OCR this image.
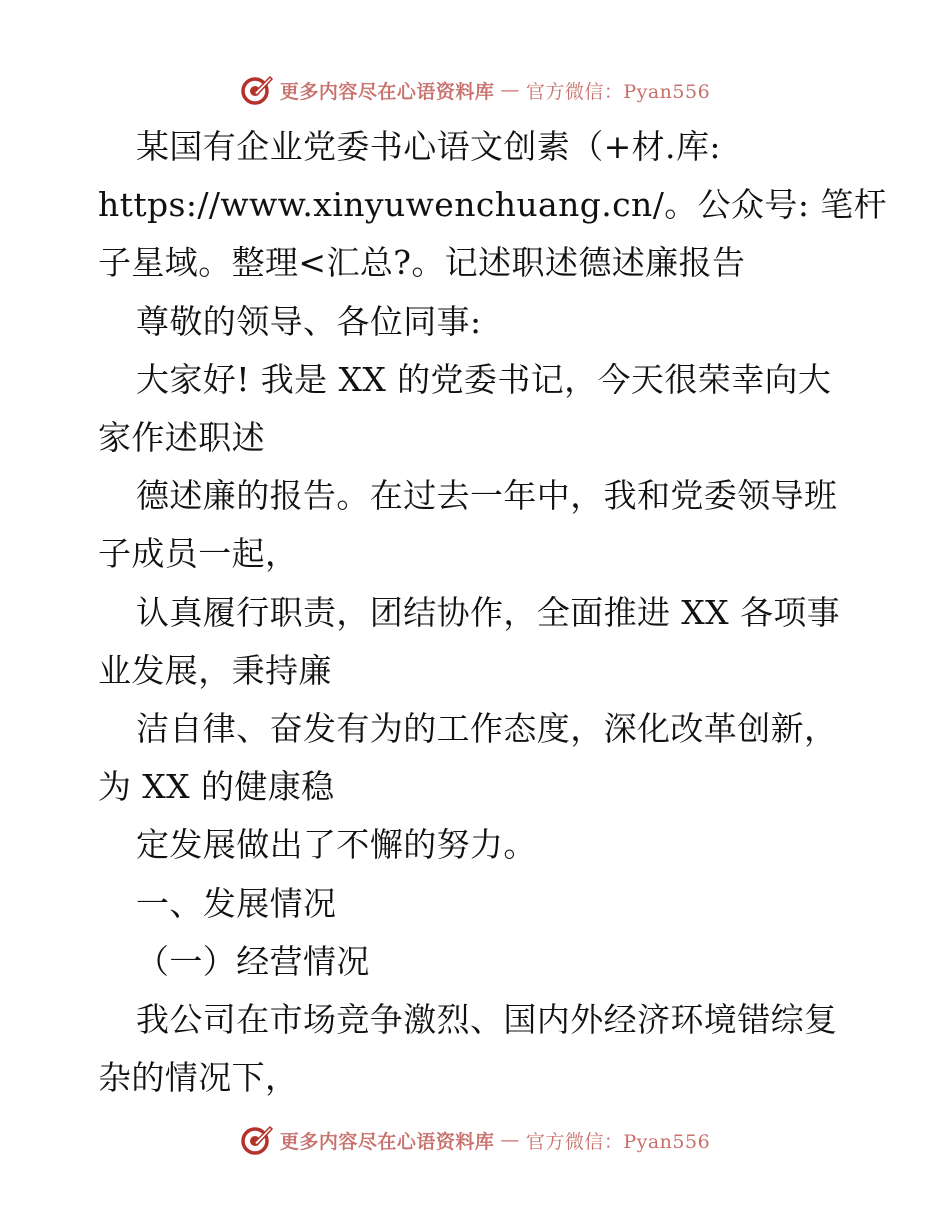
更多内容尽在心语资料库 — 官方微信：Pyan556

某国有企业党委书心语文创素（+材.库:

https://www.xinyuwenchuang.cn/。公众号: 笔杆

子星域。整理<汇总?。记述职述德述廉报告

尊敬的领导、各位同事:

大家好! 我是 XX 的党委书记，今天很荣幸向大

家作述职述

德述廉的报告。在过去一年中，我和党委领导班

子成员一起，

认真履行职责，团结协作，全面推进 XX 各项事

业发展，秉持廉

洁自律、奋发有为的工作态度，深化改革创新，

为 XX 的健康稳

定发展做出了不懈的努力。

一、发展情况

（一）经营情况

我公司在市场竞争激烈、国内外经济环境错综复

杂的情况下，

更多内容尽在心语资料库 — 官方微信：Pyan556
